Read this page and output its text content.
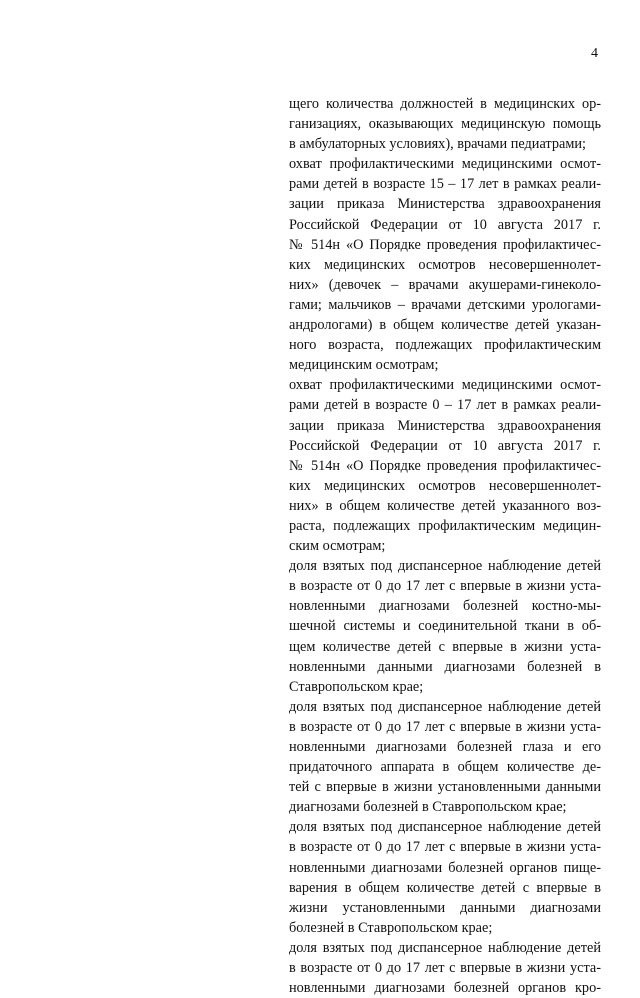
4
щего количества должностей в медицинских ор-
ганизациях, оказывающих медицинскую помощь
в амбулаторных условиях), врачами педиатрами;
охват профилактическими медицинскими осмот-
рами детей в возрасте 15 – 17 лет в рамках реали-
зации приказа Министерства здравоохранения
Российской Федерации от 10 августа 2017 г.
№ 514н «О Порядке проведения профилактичес-
ких медицинских осмотров несовершеннолет-
них» (девочек – врачами акушерами-гинеколо-
гами; мальчиков – врачами детскими урологами-
андрологами) в общем количестве детей указан-
ного возраста, подлежащих профилактическим
медицинским осмотрам;
охват профилактическими медицинскими осмот-
рами детей в возрасте 0 – 17 лет в рамках реали-
зации приказа Министерства здравоохранения
Российской Федерации от 10 августа 2017 г.
№ 514н «О Порядке проведения профилактичес-
ких медицинских осмотров несовершеннолет-
них» в общем количестве детей указанного воз-
раста, подлежащих профилактическим медицин-
ским осмотрам;
доля взятых под диспансерное наблюдение детей
в возрасте от 0 до 17 лет с впервые в жизни уста-
новленными диагнозами болезней костно-мы-
шечной системы и соединительной ткани в об-
щем количестве детей с впервые в жизни уста-
новленными данными диагнозами болезней в
Ставропольском крае;
доля взятых под диспансерное наблюдение детей
в возрасте от 0 до 17 лет с впервые в жизни уста-
новленными диагнозами болезней глаза и его
придаточного аппарата в общем количестве де-
тей с впервые в жизни установленными данными
диагнозами болезней в Ставропольском крае;
доля взятых под диспансерное наблюдение детей
в возрасте от 0 до 17 лет с впервые в жизни уста-
новленными диагнозами болезней органов пище-
варения в общем количестве детей с впервые в
жизни установленными данными диагнозами
болезней в Ставропольском крае;
доля взятых под диспансерное наблюдение детей
в возрасте от 0 до 17 лет с впервые в жизни уста-
новленными диагнозами болезней органов кро-
